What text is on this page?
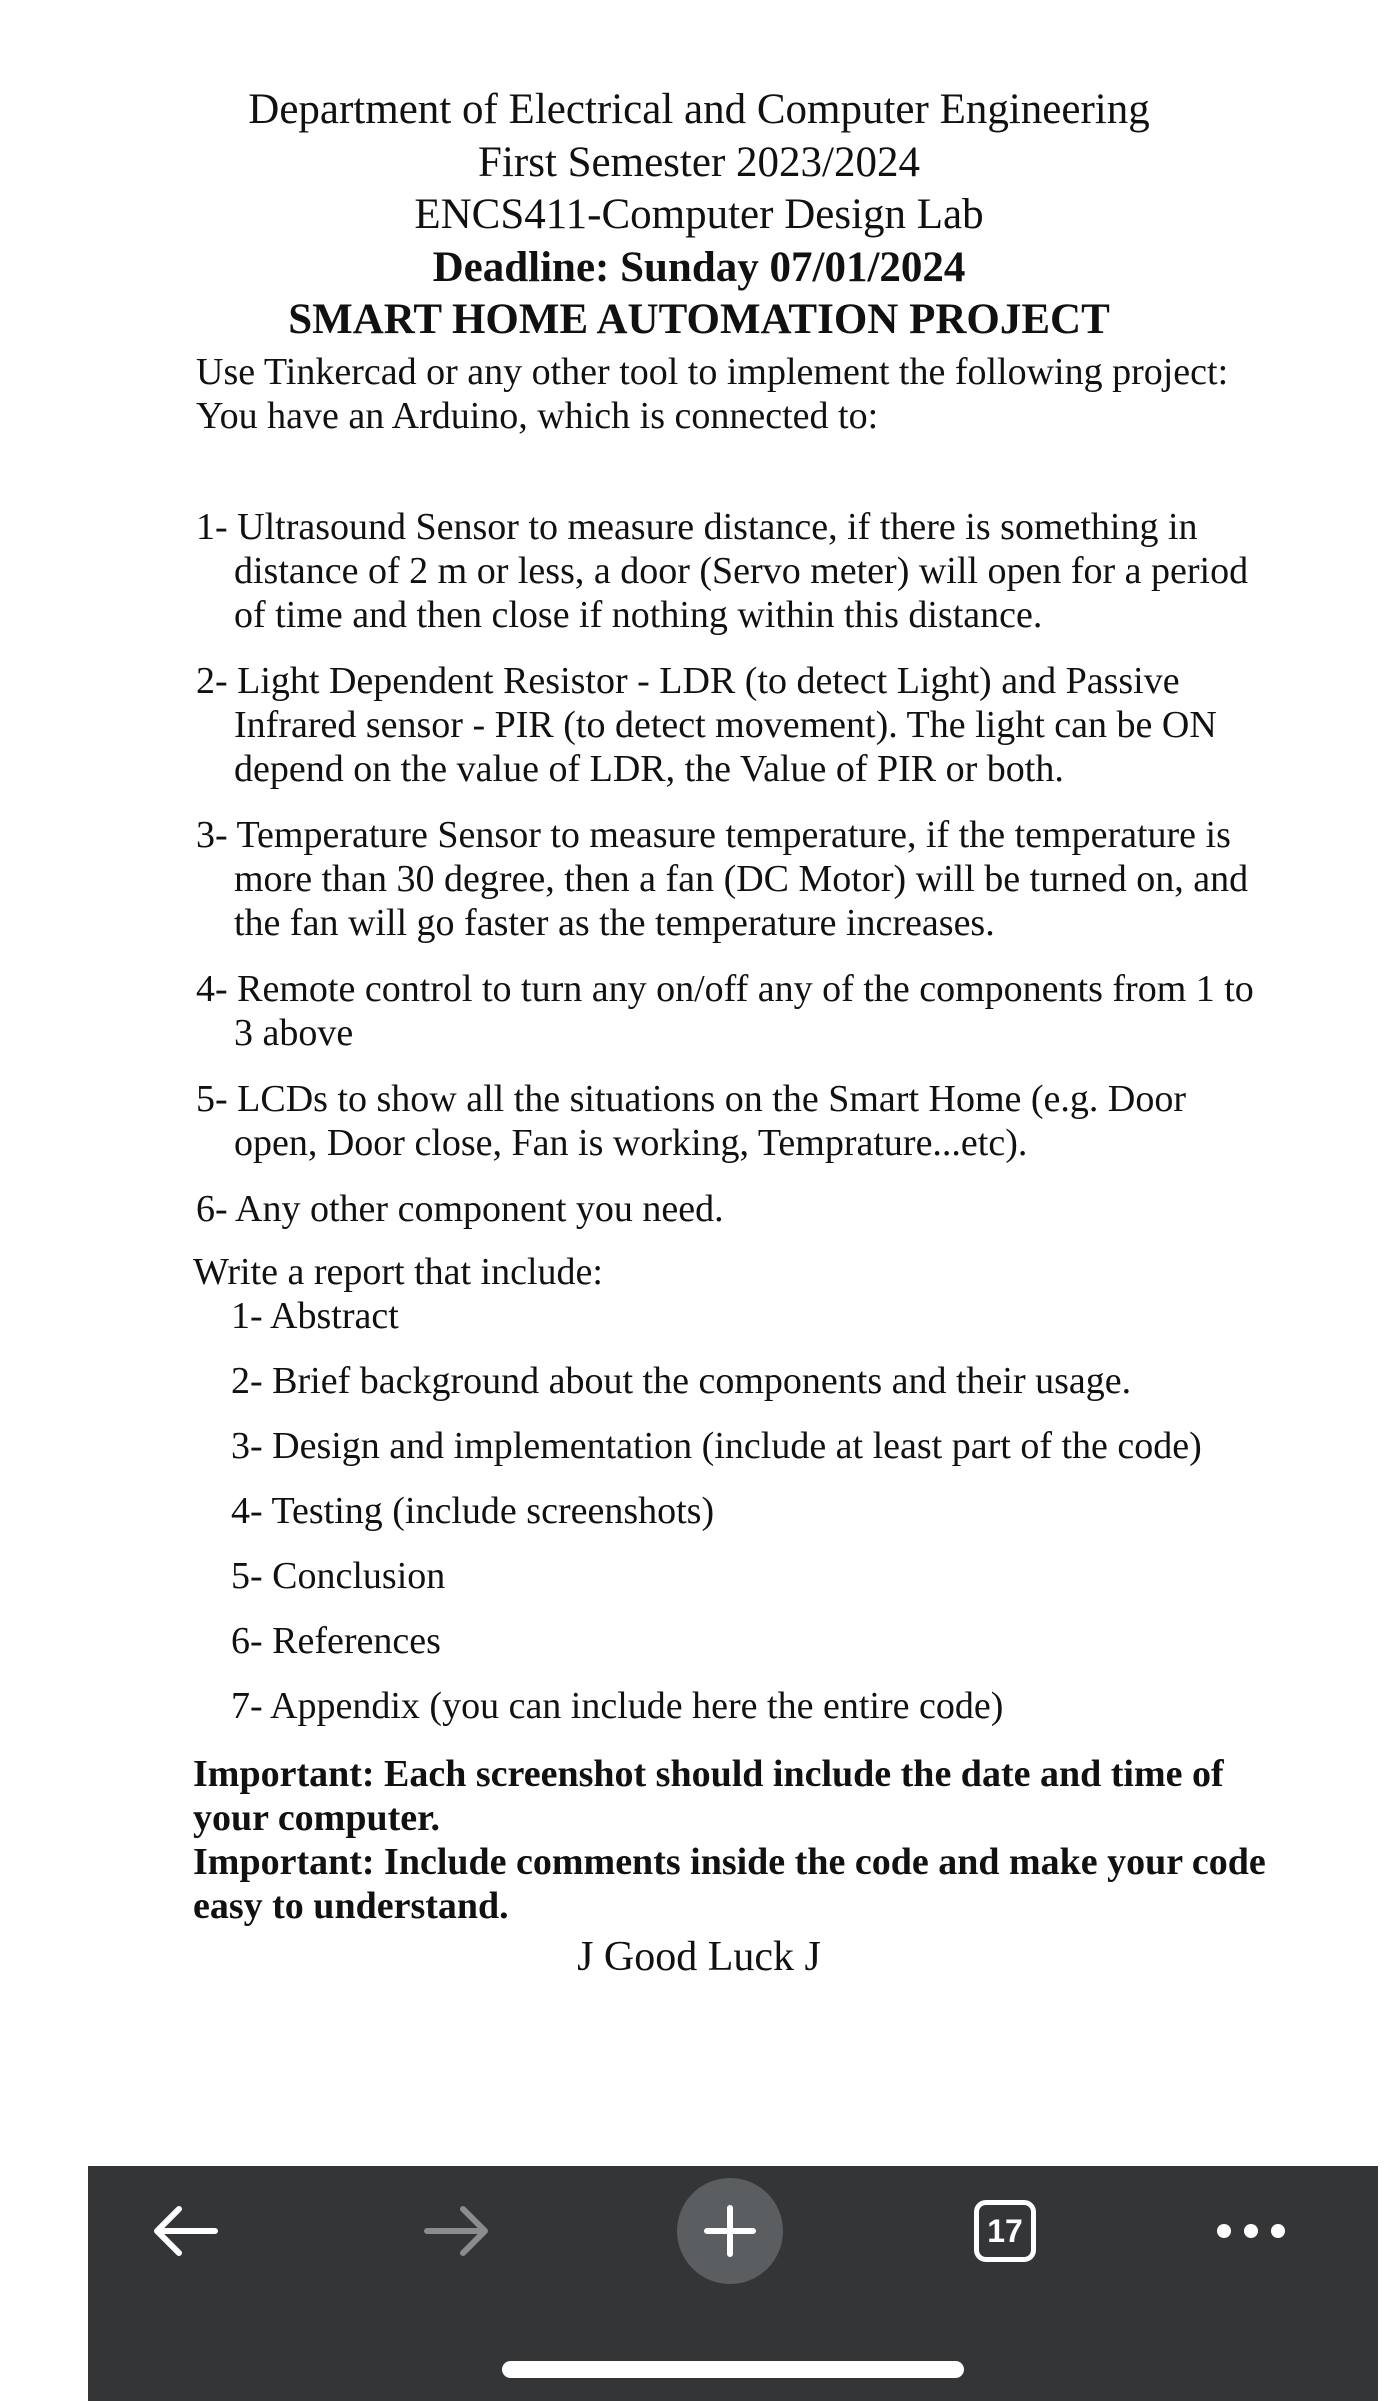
Department of Electrical and Computer Engineering
First Semester 2023/2024
ENCS411-Computer Design Lab
Deadline: Sunday 07/01/2024
SMART HOME AUTOMATION PROJECT
Use Tinkercad or any other tool to implement the following project:
You have an Arduino, which is connected to:
1- Ultrasound Sensor to measure distance, if there is something in distance of 2 m or less, a door (Servo meter) will open for a period of time and then close if nothing within this distance.
2- Light Dependent Resistor - LDR (to detect Light) and Passive Infrared sensor - PIR (to detect movement). The light can be ON depend on the value of LDR, the Value of PIR or both.
3- Temperature Sensor to measure temperature, if the temperature is more than 30 degree, then a fan (DC Motor) will be turned on, and the fan will go faster as the temperature increases.
4- Remote control to turn any on/off any of the components from 1 to 3 above
5- LCDs to show all the situations on the Smart Home (e.g. Door open, Door close, Fan is working, Temprature...etc).
6- Any other component you need.
Write a report that include:
1- Abstract
2- Brief background about the components and their usage.
3- Design and implementation (include at least part of the code)
4- Testing (include screenshots)
5- Conclusion
6- References
7- Appendix (you can include here the entire code)
Important: Each screenshot should include the date and time of your computer.
Important: Include comments inside the code and make your code easy to understand.
J Good Luck J
17
